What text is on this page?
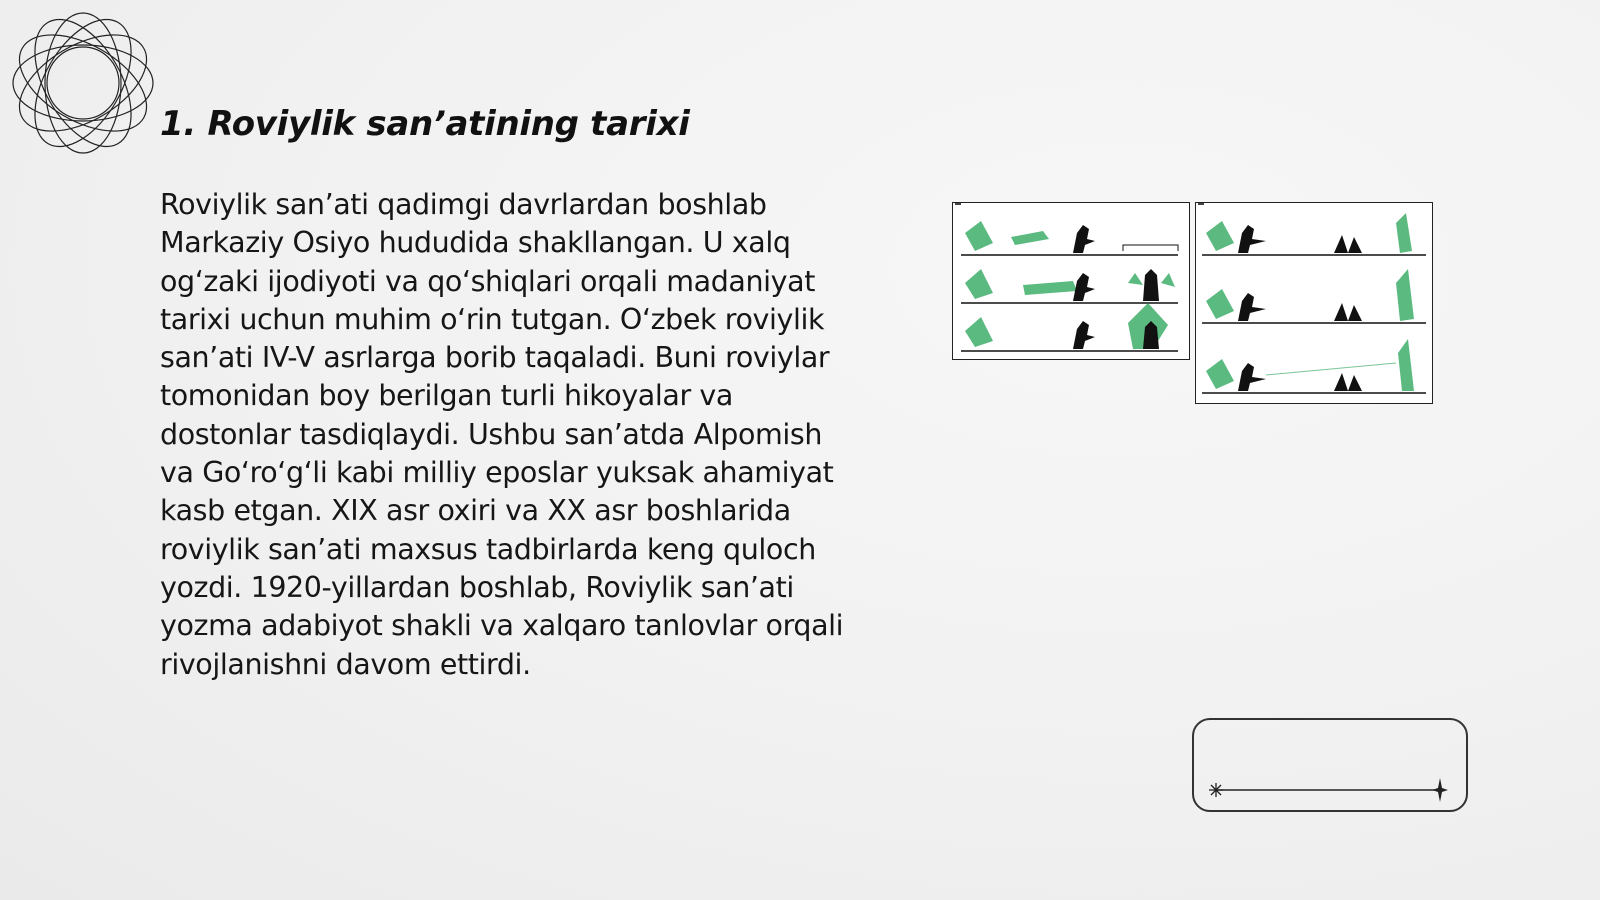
1. Roviylik san’atining tarixi

Roviylik san’ati qadimgi davrlardan boshlab Markaziy Osiyo hududida shakllangan. U xalq og‘zaki ijodiyoti va qo‘shiqlari orqali madaniyat tarixi uchun muhim o‘rin tutgan. O‘zbek roviylik san’ati IV-V asrlarga borib taqaladi. Buni roviylar tomonidan boy berilgan turli hikoyalar va dostonlar tasdiqlaydi. Ushbu san’atda Alpomish va Go‘ro‘g‘li kabi milliy eposlar yuksak ahamiyat kasb etgan. XIX asr oxiri va XX asr boshlarida roviylik san’ati maxsus tadbirlarda keng quloch yozdi. 1920-yillardan boshlab, Roviylik san’ati yozma adabiyot shakli va xalqaro tanlovlar orqali rivojlanishni davom ettirdi.
